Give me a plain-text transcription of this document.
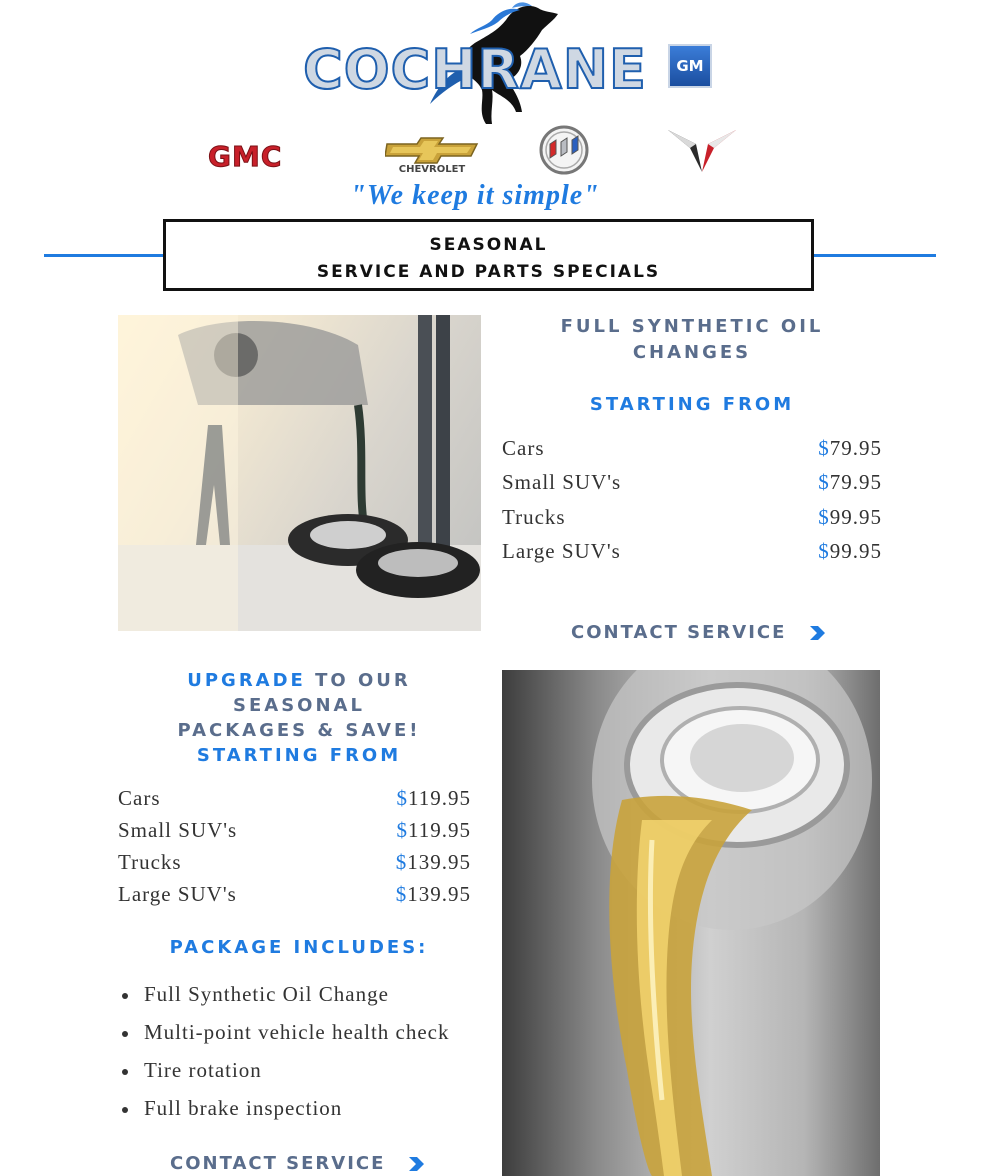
COCHRANE	GM
GMC	CHEVROLET
"We keep it simple"
SEASONAL
SERVICE AND PARTS SPECIALS
FULL SYNTHETIC OIL
CHANGES
STARTING FROM
Cars	$79.95
Small SUV's	$79.95
Trucks	$99.95
Large SUV's	$99.95
CONTACT SERVICE
UPGRADE TO OUR SEASONAL
PACKAGES & SAVE!
STARTING FROM
Cars	$119.95
Small SUV's	$119.95
Trucks	$139.95
Large SUV's	$139.95
PACKAGE INCLUDES:
Full Synthetic Oil Change
Multi-point vehicle health check
Tire rotation
Full brake inspection
CONTACT SERVICE
